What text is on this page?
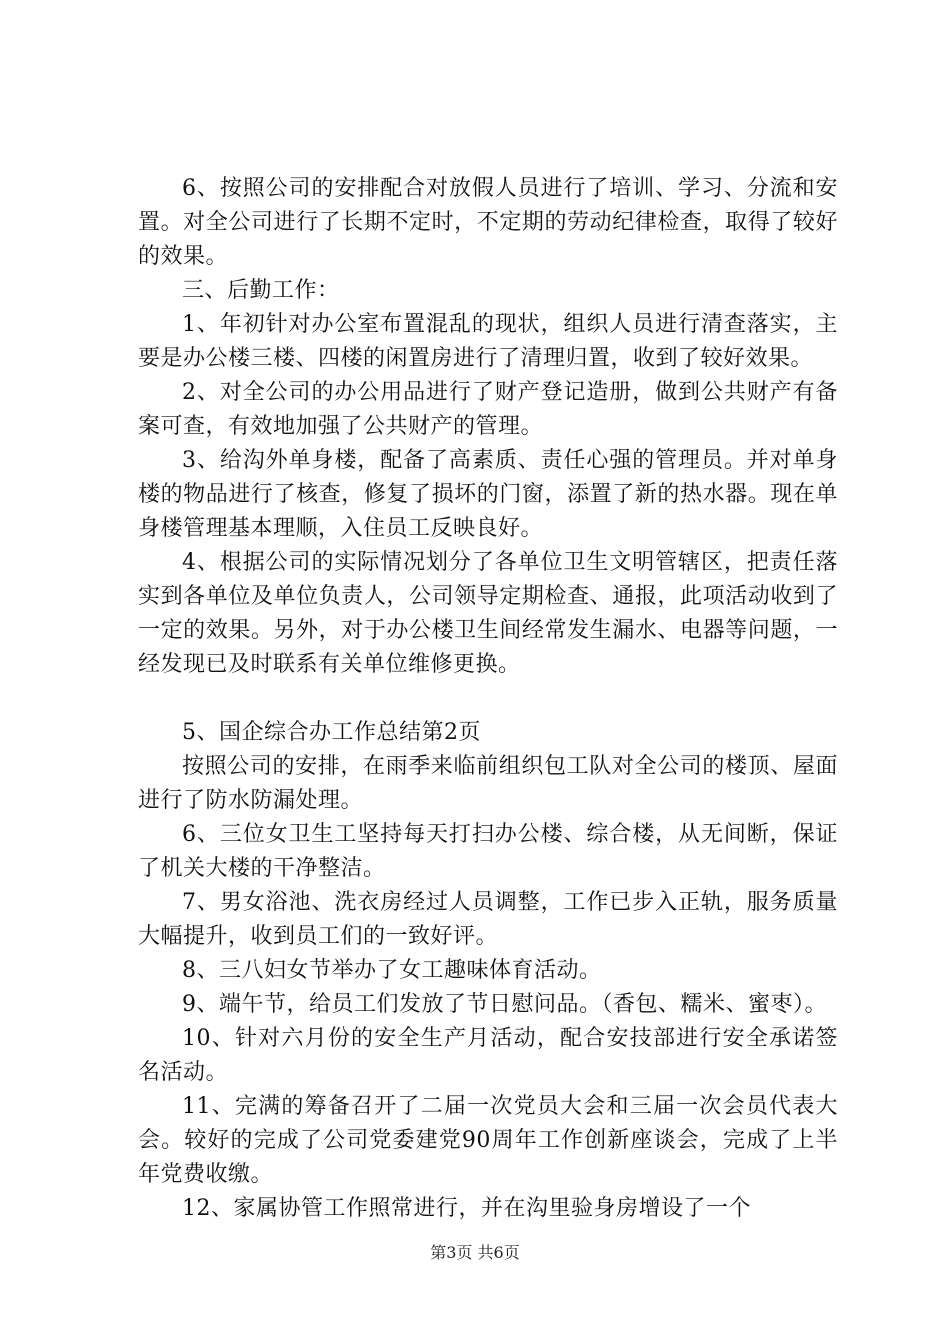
6、按照公司的安排配合对放假人员进行了培训、学习、分流和安置。对全公司进行了长期不定时，不定期的劳动纪律检查，取得了较好的效果。

三、后勤工作：

1、年初针对办公室布置混乱的现状，组织人员进行清查落实，主要是办公楼三楼、四楼的闲置房进行了清理归置，收到了较好效果。

2、对全公司的办公用品进行了财产登记造册，做到公共财产有备案可查，有效地加强了公共财产的管理。

3、给沟外单身楼，配备了高素质、责任心强的管理员。并对单身楼的物品进行了核查，修复了损坏的门窗，添置了新的热水器。现在单身楼管理基本理顺，入住员工反映良好。

4、根据公司的实际情况划分了各单位卫生文明管辖区，把责任落实到各单位及单位负责人，公司领导定期检查、通报，此项活动收到了一定的效果。另外，对于办公楼卫生间经常发生漏水、电器等问题，一经发现已及时联系有关单位维修更换。

5、国企综合办工作总结第2页

按照公司的安排，在雨季来临前组织包工队对全公司的楼顶、屋面进行了防水防漏处理。

6、三位女卫生工坚持每天打扫办公楼、综合楼，从无间断，保证了机关大楼的干净整洁。

7、男女浴池、洗衣房经过人员调整，工作已步入正轨，服务质量大幅提升，收到员工们的一致好评。

8、三八妇女节举办了女工趣味体育活动。

9、端午节，给员工们发放了节日慰问品。（香包、糯米、蜜枣）。

10、针对六月份的安全生产月活动，配合安技部进行安全承诺签名活动。

11、完满的筹备召开了二届一次党员大会和三届一次会员代表大会。较好的完成了公司党委建党90周年工作创新座谈会，完成了上半年党费收缴。

12、家属协管工作照常进行，并在沟里验身房增设了一个

第3页 共6页
